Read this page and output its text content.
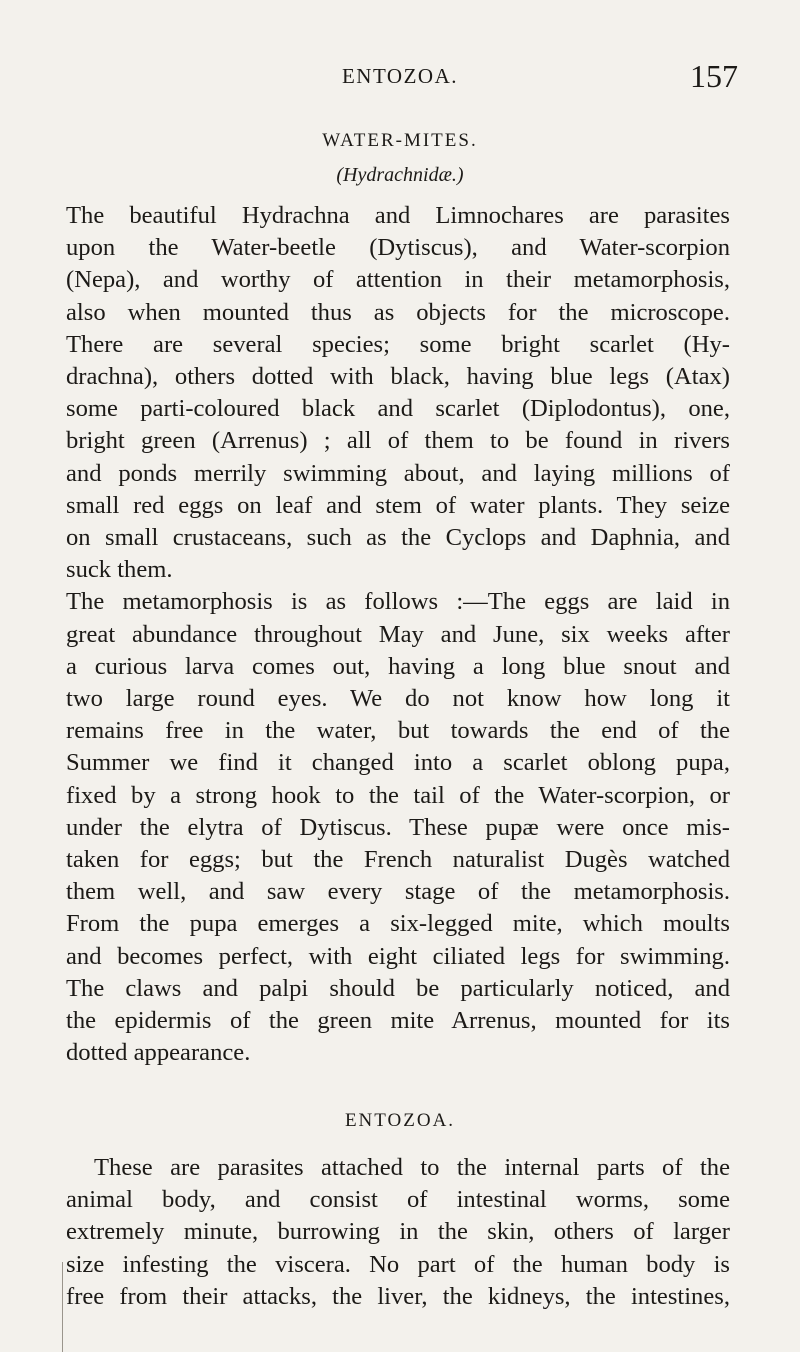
ENTOZOA.	157
WATER-MITES.
(Hydrachnidæ.)
The beautiful Hydrachna and Limnochares are parasites
upon the Water-beetle (Dytiscus), and Water-scorpion
(Nepa), and worthy of attention in their metamorphosis,
also when mounted thus as objects for the microscope.
There are several species; some bright scarlet (Hy-
drachna), others dotted with black, having blue legs (Atax)
some parti-coloured black and scarlet (Diplodontus), one,
bright green (Arrenus) ; all of them to be found in rivers
and ponds merrily swimming about, and laying millions of
small red eggs on leaf and stem of water plants. They seize
on small crustaceans, such as the Cyclops and Daphnia, and
suck them.
The metamorphosis is as follows :—The eggs are laid in
great abundance throughout May and June, six weeks after
a curious larva comes out, having a long blue snout and
two large round eyes. We do not know how long it
remains free in the water, but towards the end of the
Summer we find it changed into a scarlet oblong pupa,
fixed by a strong hook to the tail of the Water-scorpion, or
under the elytra of Dytiscus. These pupæ were once mis-
taken for eggs; but the French naturalist Dugès watched
them well, and saw every stage of the metamorphosis.
From the pupa emerges a six-legged mite, which moults
and becomes perfect, with eight ciliated legs for swimming.
The claws and palpi should be particularly noticed, and
the epidermis of the green mite Arrenus, mounted for its
dotted appearance.
ENTOZOA.
These are parasites attached to the internal parts of the
animal body, and consist of intestinal worms, some
extremely minute, burrowing in the skin, others of larger
size infesting the viscera. No part of the human body is
free from their attacks, the liver, the kidneys, the intestines,
